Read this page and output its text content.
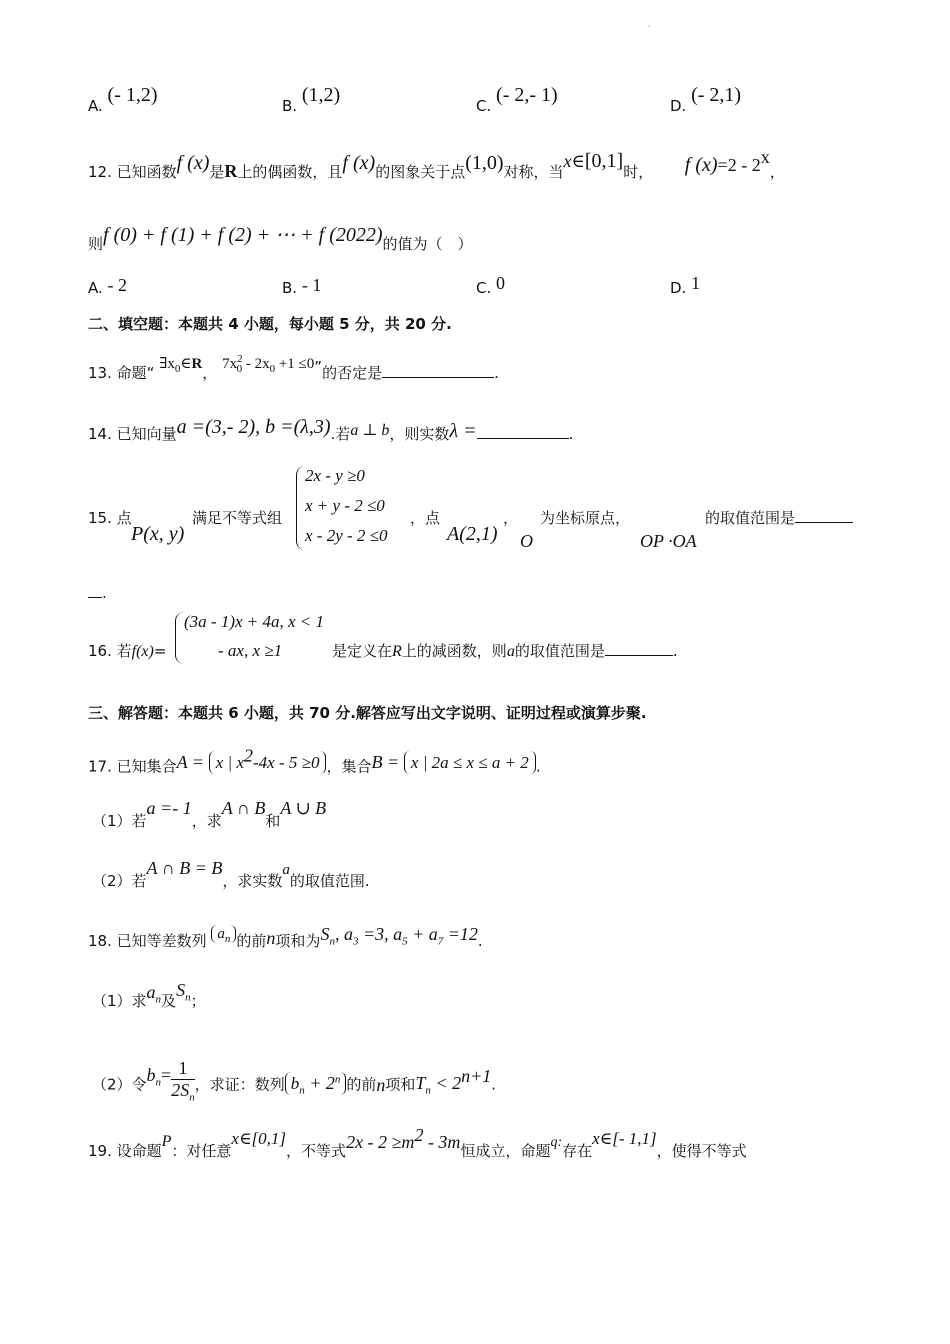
A. (- 1,2)	B. (1,2)	C. (- 2,- 1)	D. (- 2,1)
12. 已知函数f (x)是R上的偶函数，且f (x)的图象关于点(1,0)对称，当x∈[0,1]时， f (x)=2 - 2$^x$，
则f (0) + f (1) + f (2) + ⋯ + f (2022)的值为（　）
A. - 2	B. - 1	C. 0	D. 1
二、填空题：本题共 4 小题，每小题 5 分，共 20 分.
13. 命题“ $\exists x_0\in R$， $7x^2_0 - 2x_0 +1 \le 0$”的否定是	.
14. 已知向量a =(3,- 2), b =(λ,3).若a ⊥ b，则实数λ =	.
15. 点
P(x, y)
满足不等式组
2x - y ≥0
x + y - 2 ≤0
x - 2y - 2 ≤0
，点
A(2,1)
，
O
为坐标原点，
OP ·OA
的取值范围是
.
16. 若f(x)=
(3a - 1)x + 4a, x < 1
- ax, x ≥1	是定义在R上的减函数，则a的取值范围是	.
三、解答题：本题共 6 小题，共 70 分.解答应写出文字说明、证明过程或演算步聚.
17. 已知集合A = x | $x^2-4x - 5 \ge 0$ ，集合B = x | 2a ≤ x ≤ a + 2 .
（1）若a =- 1，求A ∩ B和A ∪ B
（2）若A ∩ B = B，求实数a的取值范围.
18. 已知等差数列 $a_n$ 的前n项和为$S_n$, $a_3 =3$, $a_5 + a_7 =12$.
（1）求$a_n$及$S_n$；
（2）令$b_n= \frac{1}{2S_n}$ ，求证：数列 $b_n + 2^n$ 的前n项和$T_n < 2^{n+1}$.
19. 设命题P：对任意x∈[0,1]，不等式$2x - 2 \ge m^2 - 3m$恒成立，命题q:存在x∈[- 1,1]，使得不等式
